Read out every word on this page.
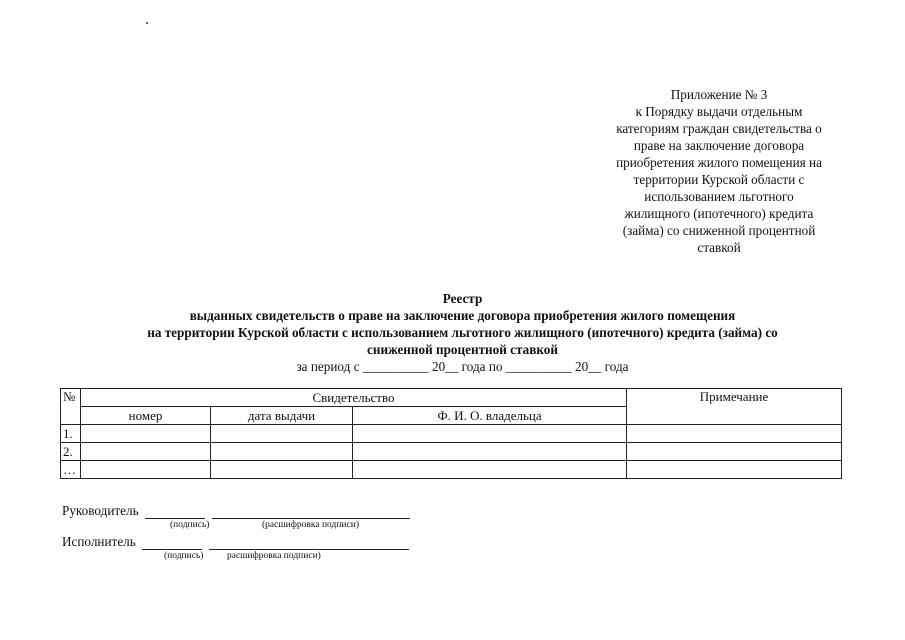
Приложение № 3
к Порядку выдачи отдельным
категориям граждан свидетельства о
праве на заключение договора
приобретения жилого помещения на
территории Курской области с
использованием льготного
жилищного (ипотечного) кредита
(займа) со сниженной процентной
ставкой
Реестр
выданных свидетельств о праве на заключение договора приобретения жилого помещения
на территории Курской области с использованием льготного жилищного (ипотечного) кредита (займа) со
сниженной процентной ставкой
за период с __________ 20__ года по __________ 20__ года
№	Свидетельство			Примечание
	номер	дата выдачи	Ф. И. О. владельца	
1.				
2.				
…				
Руководитель
(подпись)	(расшифровка подписи)
Исполнитель
(подпись) расшифровка подписи)
